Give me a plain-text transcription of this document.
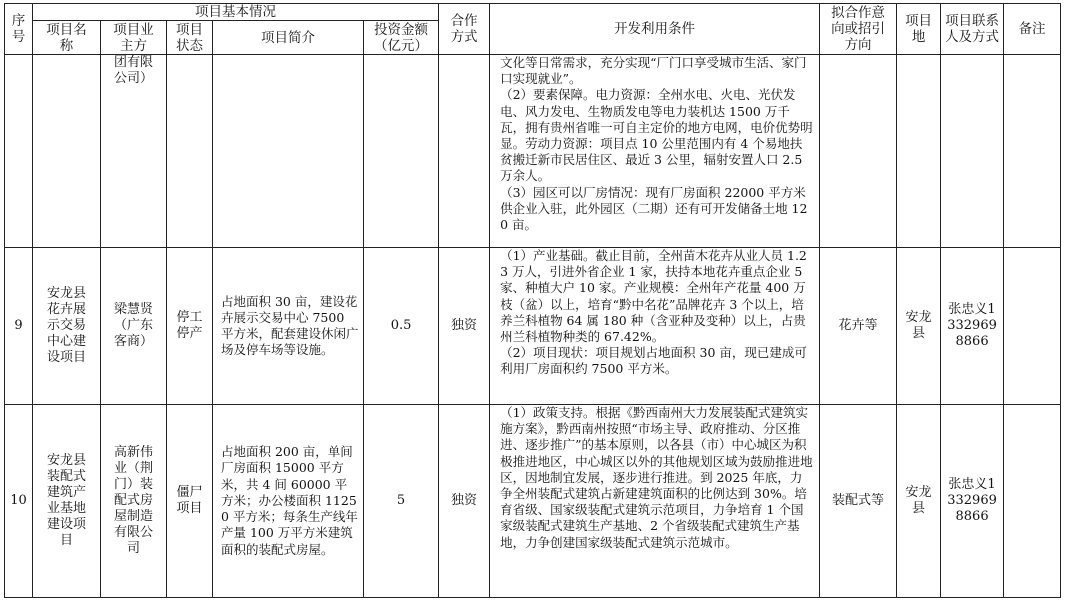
序号	项目基本情况					合作方式	开发利用条件	拟合作意向或招引方向	项目地	项目联系人及方式	备注
	项目名称	项目业主方	项目状态	项目简介	投资金额（亿元）						
		团有限公司）					文化等日常需求，充分实现“厂门口享受城市生活、家门口实现就业”。
（2）要素保障。电力资源：全州水电、火电、光伏发电、风力发电、生物质发电等电力装机达 1500 万千瓦，拥有贵州省唯一可自主定价的地方电网，电价优势明显。劳动力资源：项目点 10 公里范围内有 4 个易地扶贫搬迁新市民居住区、最近 3 公里，辐射安置人口 2.5 万余人。
（3）园区可以厂房情况：现有厂房面积 22000 平方米供企业入驻，此外园区（二期）还有可开发储备土地 120 亩。				

9	安龙县花卉展示交易中心建设项目	梁慧贤（广东客商）	停工停产	占地面积 30 亩，建设花卉展示交易中心 7500 平方米，配套建设休闲广场及停车场等设施。	0.5	独资	（1）产业基础。截止目前，全州苗木花卉从业人员 1.23 万人，引进外省企业 1 家，扶持本地花卉重点企业 5 家、种植大户 10 家。产业规模：全州年产花量 400 万枝（盆）以上，培育“黔中名花”品牌花卉 3 个以上，培养兰科植物 64 属 180 种（含亚种及变种）以上，占贵州兰科植物种类的 67.42%。
（2）项目现状：项目规划占地面积 30 亩，现已建成可利用厂房面积约 7500 平方米。	花卉等	安龙县	张忠义13329698866	
10	安龙县装配式建筑产业基地建设项目	高新伟业（荆门）装配式房屋制造有限公司	僵尸项目	占地面积 200 亩，单间厂房面积 15000 平方米，共 4 间 60000 平方米；办公楼面积 11250 平方米；每条生产线年产量 100 万平方米建筑面积的装配式房屋。	5	独资	（1）政策支持。根据《黔西南州大力发展装配式建筑实施方案》，黔西南州按照“市场主导、政府推动、分区推进、逐步推广”的基本原则，以各县（市）中心城区为积极推进地区，中心城区以外的其他规划区域为鼓励推进地区，因地制宜发展，逐步进行推进。到 2025 年底，力争全州装配式建筑占新建建筑面积的比例达到 30%。培育省级、国家级装配式建筑示范项目，力争培育 1 个国家级装配式建筑生产基地、2 个省级装配式建筑生产基地，力争创建国家级装配式建筑示范城市。	装配式等	安龙县	张忠义13329698866	
